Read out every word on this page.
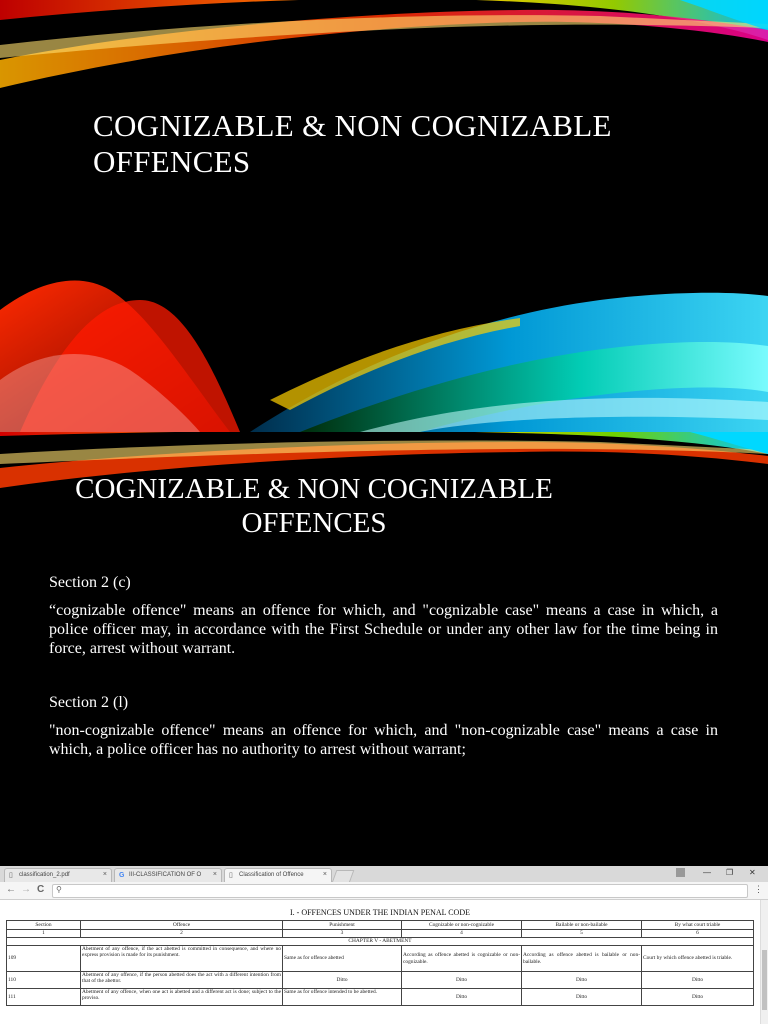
COGNIZABLE & NON COGNIZABLE OFFENCES
COGNIZABLE & NON COGNIZABLE
OFFENCES
Section 2 (c)
“cognizable offence" means an offence for which, and "cognizable case" means a case in which, a police officer may, in accordance with the First Schedule or under any other law for the time being in force, arrest without warrant.
Section 2 (l)
"non-cognizable offence" means an offence for which, and "non-cognizable case" means a case in which, a police officer has no authority to arrest without warrant;
▯	classification_2.pdf	× G III-CLASSIFICATION OF O × ▯	Classification of Offence	×	— ❐ ✕
← → C ⚲	⋮
I. - OFFENCES UNDER THE INDIAN PENAL CODE
Section	Offence	Punishment	Cognizable or non-cognizable	Bailable or non-bailable	By what court triable
1	2	3	4	5	6
CHAPTER V - ABETMENT					
109	Abetment of any offence, if the act abetted is committed in consequence, and where no express provision is made for its punishment.	Same as for offence abetted	According as offence abetted is cognizable or non-cognizable.	According as offence abetted is bailable or non-bailable.	Court by which offence abetted is triable.
110	Abetment of any offence, if the person abetted does the act with a different intention from that of the abettor.	Ditto	Ditto	Ditto	Ditto
111	Abetment of any offence, when one act is abetted and a different act is done; subject to the proviso.	Same as for offence intended to be abetted.	Ditto	Ditto	Ditto
